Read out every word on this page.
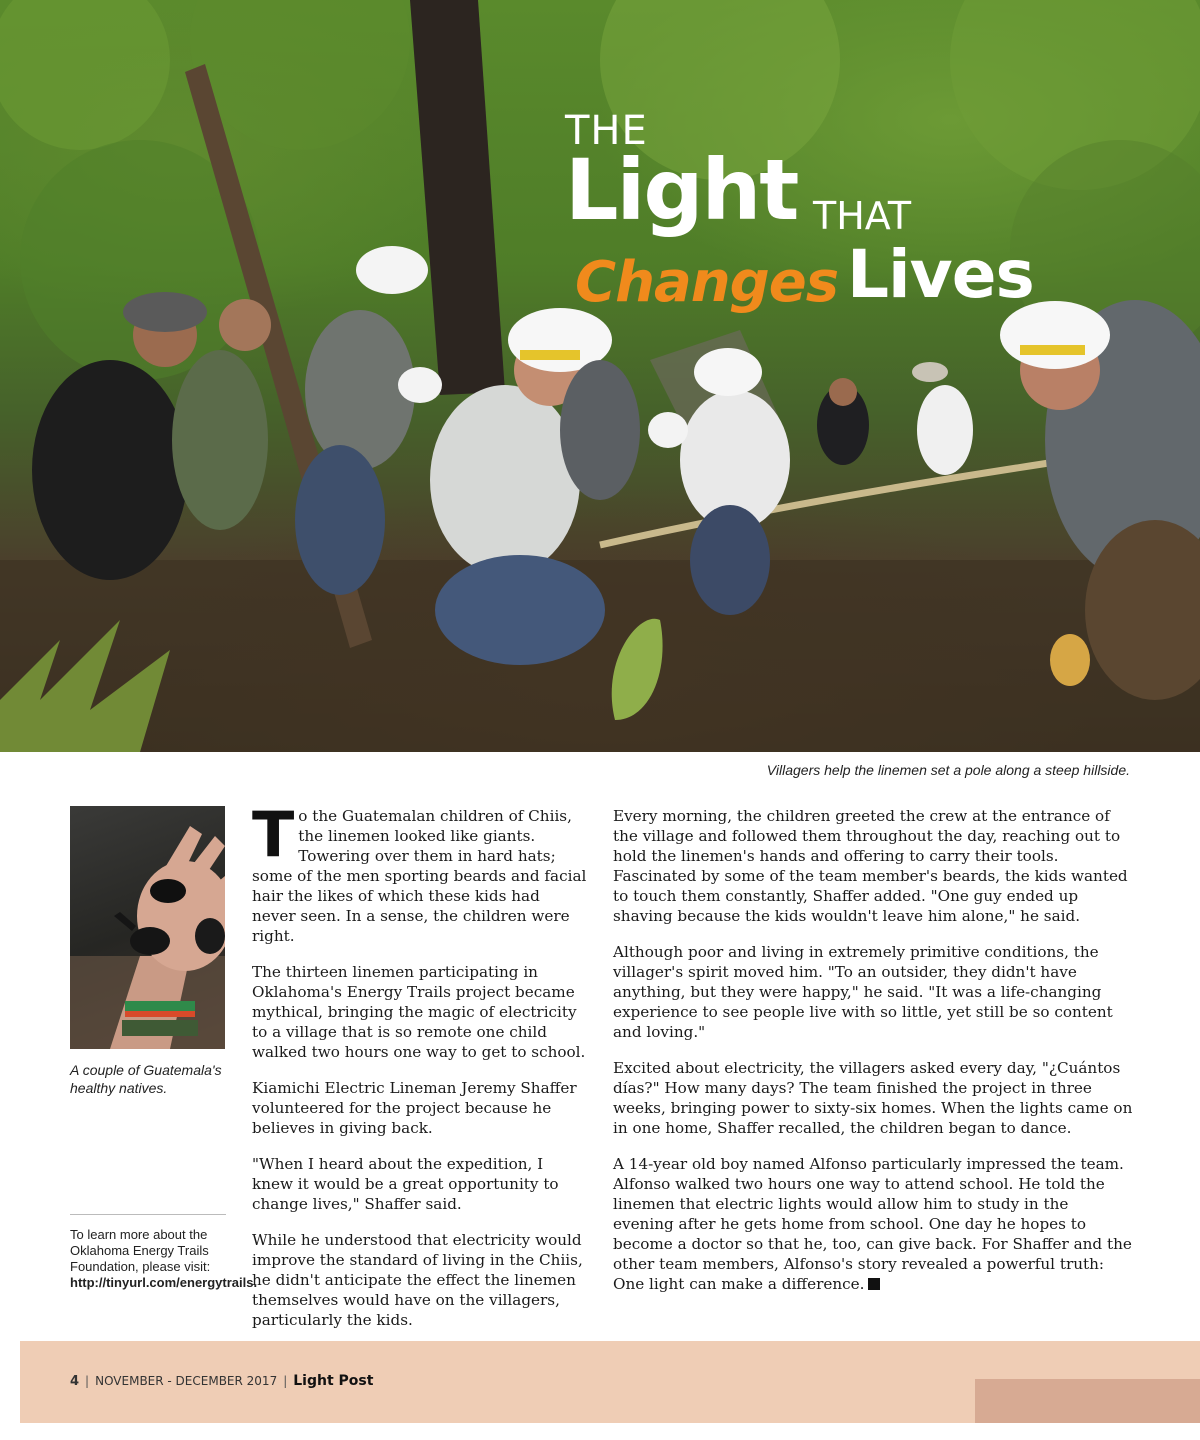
THE
Light THAT
Changes Lives
Villagers help the linemen set a pole along a steep hillside.
A couple of Guatemala's healthy natives.
To learn more about the Oklahoma Energy Trails Foundation, please visit: http://tinyurl.com/energytrails.

To the Guatemalan children of Chiis, the linemen looked like giants. Towering over them in hard hats; some of the men sporting beards and facial hair the likes of which these kids had never seen. In a sense, the children were right.

The thirteen linemen participating in Oklahoma's Energy Trails project became mythical, bringing the magic of electricity to a village that is so remote one child walked two hours one way to get to school.

Kiamichi Electric Lineman Jeremy Shaffer volunteered for the project because he believes in giving back.

"When I heard about the expedition, I knew it would be a great opportunity to change lives," Shaffer said.

While he understood that electricity would improve the standard of living in the Chiis, he didn't anticipate the effect the linemen themselves would have on the villagers, particularly the kids.

Every morning, the children greeted the crew at the entrance of the village and followed them throughout the day, reaching out to hold the linemen's hands and offering to carry their tools. Fascinated by some of the team member's beards, the kids wanted to touch them constantly, Shaffer added. "One guy ended up shaving because the kids wouldn't leave him alone," he said.

Although poor and living in extremely primitive conditions, the villager's spirit moved him. "To an outsider, they didn't have anything, but they were happy," he said. "It was a life-changing experience to see people live with so little, yet still be so content and loving."

Excited about electricity, the villagers asked every day, "¿Cuántos días?" How many days? The team finished the project in three weeks, bringing power to sixty-six homes. When the lights came on in one home, Shaffer recalled, the children began to dance.

A 14-year old boy named Alfonso particularly impressed the team. Alfonso walked two hours one way to attend school. He told the linemen that electric lights would allow him to study in the evening after he gets home from school. One day he hopes to become a doctor so that he, too, can give back. For Shaffer and the other team members, Alfonso's story revealed a powerful truth: One light can make a difference.

4 | NOVEMBER - DECEMBER 2017 | Light Post
